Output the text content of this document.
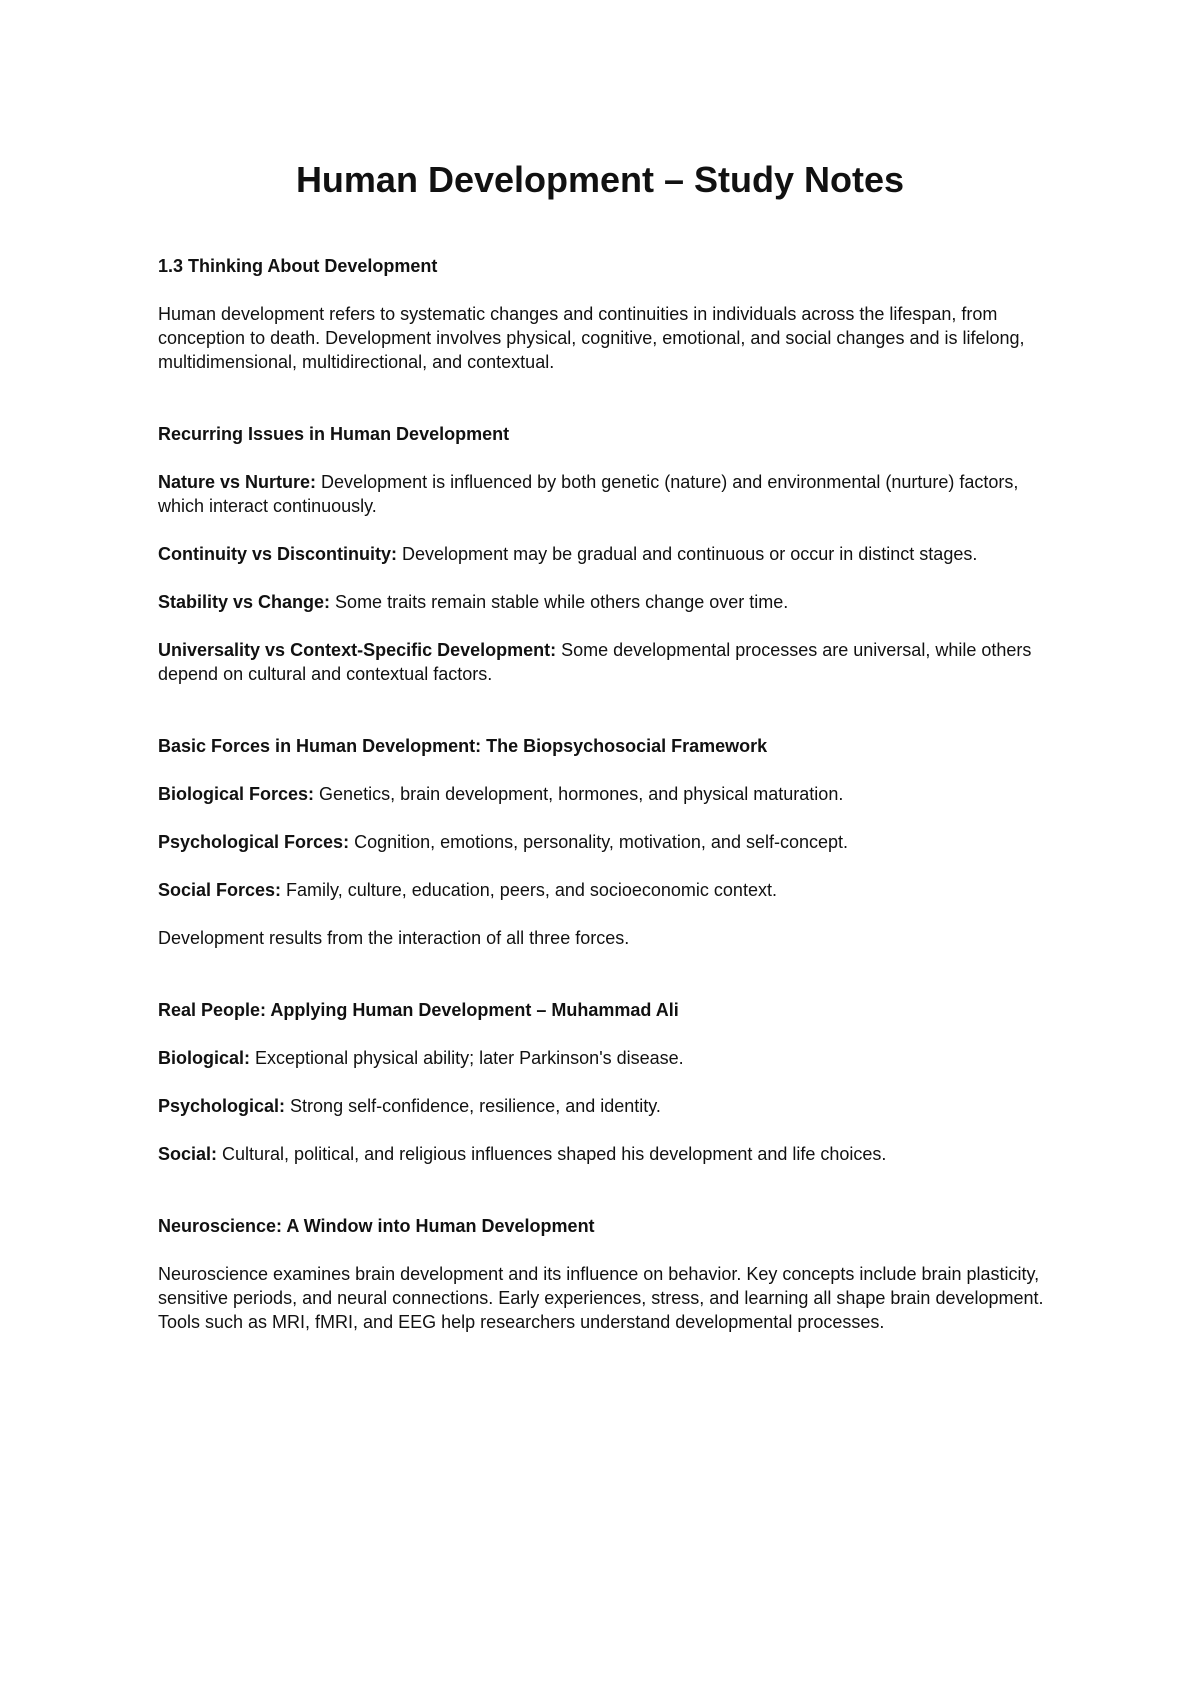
Human Development – Study Notes
1.3 Thinking About Development

Human development refers to systematic changes and continuities in individuals across the lifespan, from conception to death. Development involves physical, cognitive, emotional, and social changes and is lifelong, multidimensional, multidirectional, and contextual.

Recurring Issues in Human Development

Nature vs Nurture: Development is influenced by both genetic (nature) and environmental (nurture) factors, which interact continuously.

Continuity vs Discontinuity: Development may be gradual and continuous or occur in distinct stages.

Stability vs Change: Some traits remain stable while others change over time.

Universality vs Context-Specific Development: Some developmental processes are universal, while others depend on cultural and contextual factors.

Basic Forces in Human Development: The Biopsychosocial Framework

Biological Forces: Genetics, brain development, hormones, and physical maturation.

Psychological Forces: Cognition, emotions, personality, motivation, and self-concept.

Social Forces: Family, culture, education, peers, and socioeconomic context.

Development results from the interaction of all three forces.

Real People: Applying Human Development – Muhammad Ali

Biological: Exceptional physical ability; later Parkinson's disease.

Psychological: Strong self-confidence, resilience, and identity.

Social: Cultural, political, and religious influences shaped his development and life choices.

Neuroscience: A Window into Human Development

Neuroscience examines brain development and its influence on behavior. Key concepts include brain plasticity, sensitive periods, and neural connections. Early experiences, stress, and learning all shape brain development. Tools such as MRI, fMRI, and EEG help researchers understand developmental processes.
